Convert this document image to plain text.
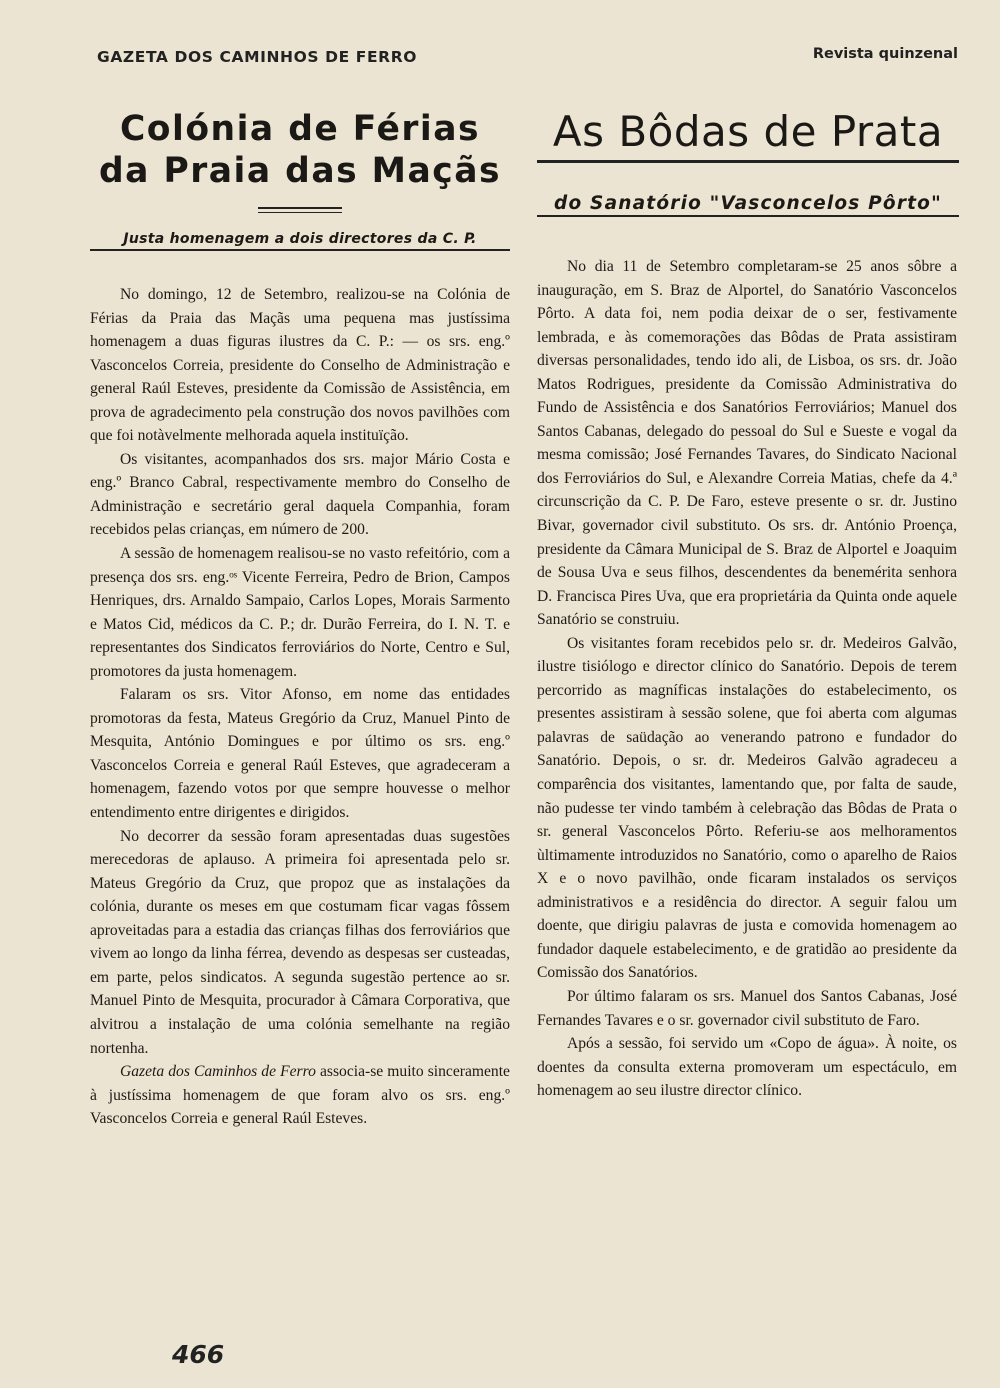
GAZETA DOS CAMINHOS DE FERRO	Revista quinzenal
Colónia de Férias
da Praia das Maçãs
Justa homenagem a dois directores da C. P.

No domingo, 12 de Setembro, realizou-se na Colónia de Férias da Praia das Maçãs uma pequena mas justíssima homenagem a duas figuras ilustres da C. P.: — os srs. eng.º Vasconcelos Correia, presidente do Conselho de Administração e general Raúl Esteves, presidente da Comissão de Assistência, em prova de agradecimento pela construção dos novos pavilhões com que foi notàvelmente melhorada aquela instituïção.

Os visitantes, acompanhados dos srs. major Mário Costa e eng.º Branco Cabral, respectivamente membro do Conselho de Administração e secretário geral daquela Companhia, foram recebidos pelas crianças, em número de 200.

A sessão de homenagem realisou-se no vasto refeitório, com a presença dos srs. eng.ᵒˢ Vicente Ferreira, Pedro de Brion, Campos Henriques, drs. Arnaldo Sampaio, Carlos Lopes, Morais Sarmento e Matos Cid, médicos da C. P.; dr. Durão Ferreira, do I. N. T. e representantes dos Sindicatos ferroviários do Norte, Centro e Sul, promotores da justa homenagem.

Falaram os srs. Vitor Afonso, em nome das entidades promotoras da festa, Mateus Gregório da Cruz, Manuel Pinto de Mesquita, António Domingues e por último os srs. eng.º Vasconcelos Correia e general Raúl Esteves, que agradeceram a homenagem, fazendo votos por que sempre houvesse o melhor entendimento entre dirigentes e dirigidos.

No decorrer da sessão foram apresentadas duas sugestões merecedoras de aplauso. A primeira foi apresentada pelo sr. Mateus Gregório da Cruz, que propoz que as instalações da colónia, durante os meses em que costumam ficar vagas fôssem aproveitadas para a estadia das crianças filhas dos ferroviários que vivem ao longo da linha férrea, devendo as despesas ser custeadas, em parte, pelos sindicatos. A segunda sugestão pertence ao sr. Manuel Pinto de Mesquita, procurador à Câmara Corporativa, que alvitrou a instalação de uma colónia semelhante na região nortenha.

Gazeta dos Caminhos de Ferro associa-se muito sinceramente à justíssima homenagem de que foram alvo os srs. eng.º Vasconcelos Correia e general Raúl Esteves.

As Bôdas de Prata
do Sanatório "Vasconcelos Pôrto"

No dia 11 de Setembro completaram-se 25 anos sôbre a inauguração, em S. Braz de Alportel, do Sanatório Vasconcelos Pôrto. A data foi, nem podia deixar de o ser, festivamente lembrada, e às comemorações das Bôdas de Prata assistiram diversas personalidades, tendo ido ali, de Lisboa, os srs. dr. João Matos Rodrigues, presidente da Comissão Administrativa do Fundo de Assistência e dos Sanatórios Ferroviários; Manuel dos Santos Cabanas, delegado do pessoal do Sul e Sueste e vogal da mesma comissão; José Fernandes Tavares, do Sindicato Nacional dos Ferroviários do Sul, e Alexandre Correia Matias, chefe da 4.ª circunscrição da C. P. De Faro, esteve presente o sr. dr. Justino Bivar, governador civil substituto. Os srs. dr. António Proença, presidente da Câmara Municipal de S. Braz de Alportel e Joaquim de Sousa Uva e seus filhos, descendentes da benemérita senhora D. Francisca Pires Uva, que era proprietária da Quinta onde aquele Sanatório se construiu.

Os visitantes foram recebidos pelo sr. dr. Medeiros Galvão, ilustre tisiólogo e director clínico do Sanatório. Depois de terem percorrido as magníficas instalações do estabelecimento, os presentes assistiram à sessão solene, que foi aberta com algumas palavras de saüdação ao venerando patrono e fundador do Sanatório. Depois, o sr. dr. Medeiros Galvão agradeceu a comparência dos visitantes, lamentando que, por falta de saude, não pudesse ter vindo também à celebração das Bôdas de Prata o sr. general Vasconcelos Pôrto. Referiu-se aos melhoramentos ùltimamente introduzidos no Sanatório, como o aparelho de Raios X e o novo pavilhão, onde ficaram instalados os serviços administrativos e a residência do director. A seguir falou um doente, que dirigiu palavras de justa e comovida homenagem ao fundador daquele estabelecimento, e de gratidão ao presidente da Comissão dos Sanatórios.

Por último falaram os srs. Manuel dos Santos Cabanas, José Fernandes Tavares e o sr. governador civil substituto de Faro.

Após a sessão, foi servido um «Copo de água». À noite, os doentes da consulta externa promoveram um espectáculo, em homenagem ao seu ilustre director clínico.

466
